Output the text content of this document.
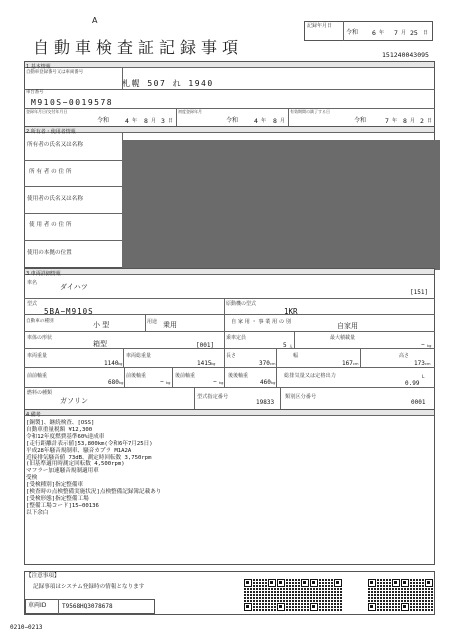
A
記録年月日
令和 6 年 7 月 25 日
自動車検査証記録事項	151240043095
1.基本情報
自動車登録番号又は車両番号
札幌 507 れ 1940
車台番号
M910S−0019578
登録年月日/交付年月日
令和 4 年 8 月 3 日
初度登録年月
令和 4 年 8 月
有効期間の満了する日
令和	7 年 8 月 2 日
2.所有者・使用者情報
所有者の氏名又は名称
所 有 者 の 住 所
使用者の氏名又は名称
使 用 者 の 住 所
使用の本拠の位置
3.車両詳細情報
車名	ダイハツ
[151]
型式
5BA−M910S
原動機の型式
1KR
自動車の種別	小 型	用途 乗用	自 家 用 ・ 事 業 用 の 別	自家用
車体の形状
箱型	[001]
乗車定員
5 人
最大積載量
− kg
車両重量
1140 kg
車両総重量
1415 kg
長さ
370 cm
幅
167 cm
高さ
173 cm
前前軸重
680 kg
前後軸重
− kg
後前軸重
− kg
後後軸重
460 kg
総排気量又は定格出力
0.99
L
燃料の種類
ガソリン	型式指定番号
19833
類別区分番号
0001
4.備考
[銅製]、継続検査、[OSS]
自動車重量税額 ¥12,300
令和12年度燃費基準60%達成車
[走行距離計表示値]53,800km(令和6年7月25日)
平成28年騒音規制車、騒音カプラ M1A2A
近接排気騒音値 73dB、測定時回転数 3,750rpm
(旧基準適用時測定回転数 4,500rpm)
マフラー加速騒音規制適用車
受検
[受検種別]指定整備車
[検査時の点検整備実施状況]点検整備記録簿記載あり
[受検形態]指定整備工場
[整備工場コード]15−00136
以下余白
【注意事項】
記録事項はシステム登録時の情報となります
車両ID	T9568HQ3078678
0210−0213
